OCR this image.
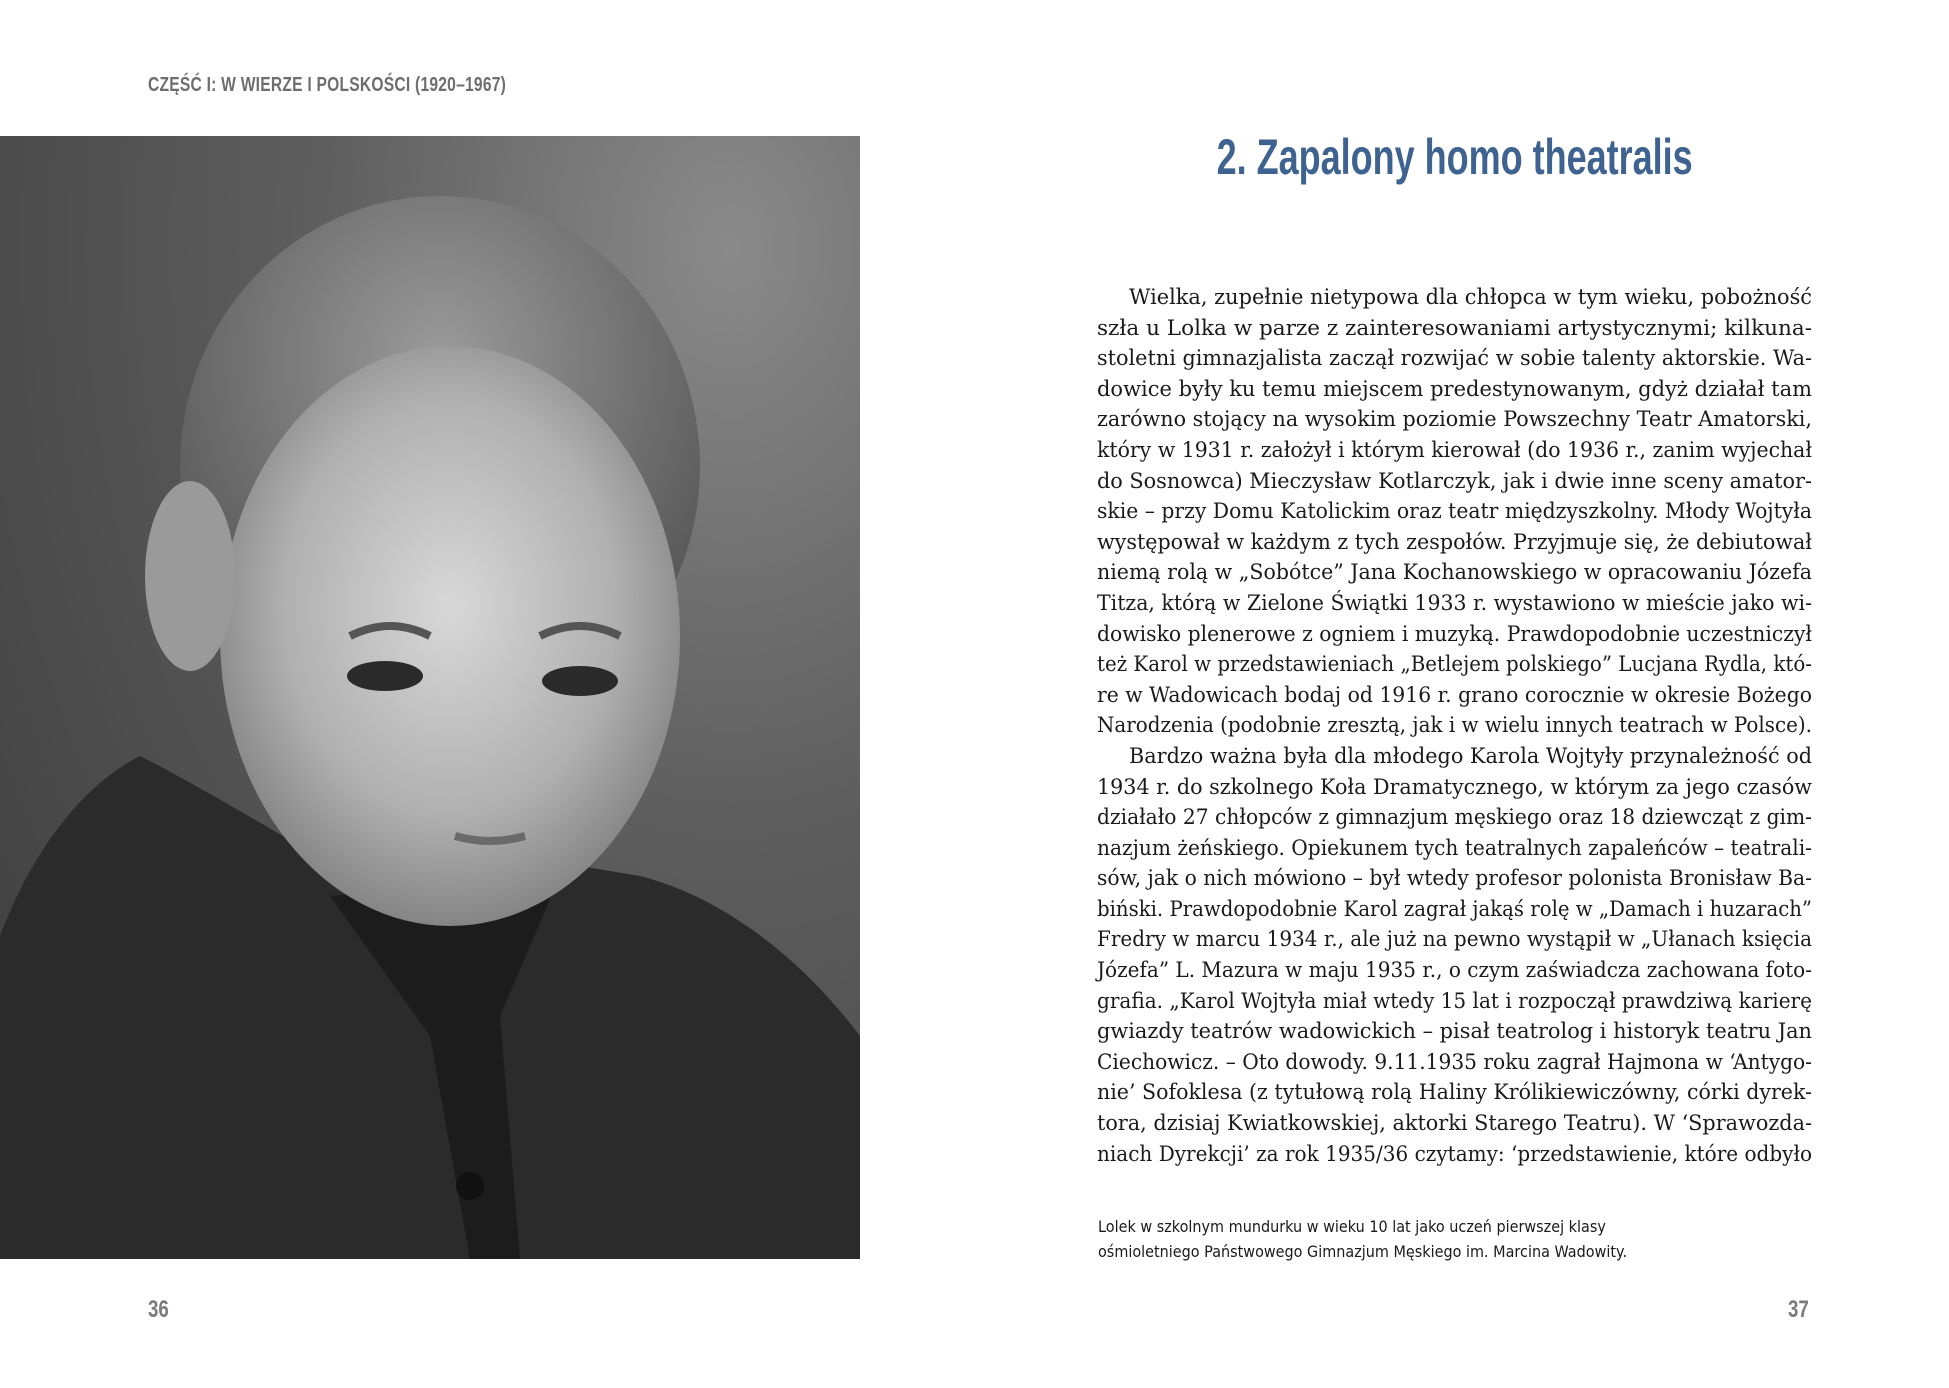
CZĘŚĆ I: W WIERZE I POLSKOŚCI (1920–1967)
2. Zapalony homo theatralis
Wielka, zupełnie nietypowa dla chłopca w tym wieku, pobożność
szła u Lolka w parze z zainteresowaniami artystycznymi; kilkuna-
stoletni gimnazjalista zaczął rozwijać w sobie talenty aktorskie. Wa-
dowice były ku temu miejscem predestynowanym, gdyż działał tam
zarówno stojący na wysokim poziomie Powszechny Teatr Amatorski,
który w 1931 r. założył i którym kierował (do 1936 r., zanim wyjechał
do Sosnowca) Mieczysław Kotlarczyk, jak i dwie inne sceny amator-
skie – przy Domu Katolickim oraz teatr międzyszkolny. Młody Wojtyła
występował w każdym z tych zespołów. Przyjmuje się, że debiutował
niemą rolą w „Sobótce” Jana Kochanowskiego w opracowaniu Józefa
Titza, którą w Zielone Świątki 1933 r. wystawiono w mieście jako wi-
dowisko plenerowe z ogniem i muzyką. Prawdopodobnie uczestniczył
też Karol w przedstawieniach „Betlejem polskiego” Lucjana Rydla, któ-
re w Wadowicach bodaj od 1916 r. grano corocznie w okresie Bożego
Narodzenia (podobnie zresztą, jak i w wielu innych teatrach w Polsce).
Bardzo ważna była dla młodego Karola Wojtyły przynależność od
1934 r. do szkolnego Koła Dramatycznego, w którym za jego czasów
działało 27 chłopców z gimnazjum męskiego oraz 18 dziewcząt z gim-
nazjum żeńskiego. Opiekunem tych teatralnych zapaleńców – teatrali-
sów, jak o nich mówiono – był wtedy profesor polonista Bronisław Ba-
biński. Prawdopodobnie Karol zagrał jakąś rolę w „Damach i huzarach”
Fredry w marcu 1934 r., ale już na pewno wystąpił w „Ułanach księcia
Józefa” L. Mazura w maju 1935 r., o czym zaświadcza zachowana foto-
grafia. „Karol Wojtyła miał wtedy 15 lat i rozpoczął prawdziwą karierę
gwiazdy teatrów wadowickich – pisał teatrolog i historyk teatru Jan
Ciechowicz. – Oto dowody. 9.11.1935 roku zagrał Hajmona w ‘Antygo-
nie’ Sofoklesa (z tytułową rolą Haliny Królikiewiczówny, córki dyrek-
tora, dzisiaj Kwiatkowskiej, aktorki Starego Teatru). W ‘Sprawozda-
niach Dyrekcji’ za rok 1935/36 czytamy: ‘przedstawienie, które odbyło
Lolek w szkolnym mundurku w wieku 10 lat jako uczeń pierwszej klasy
ośmioletniego Państwowego Gimnazjum Męskiego im. Marcina Wadowity.
36	37
